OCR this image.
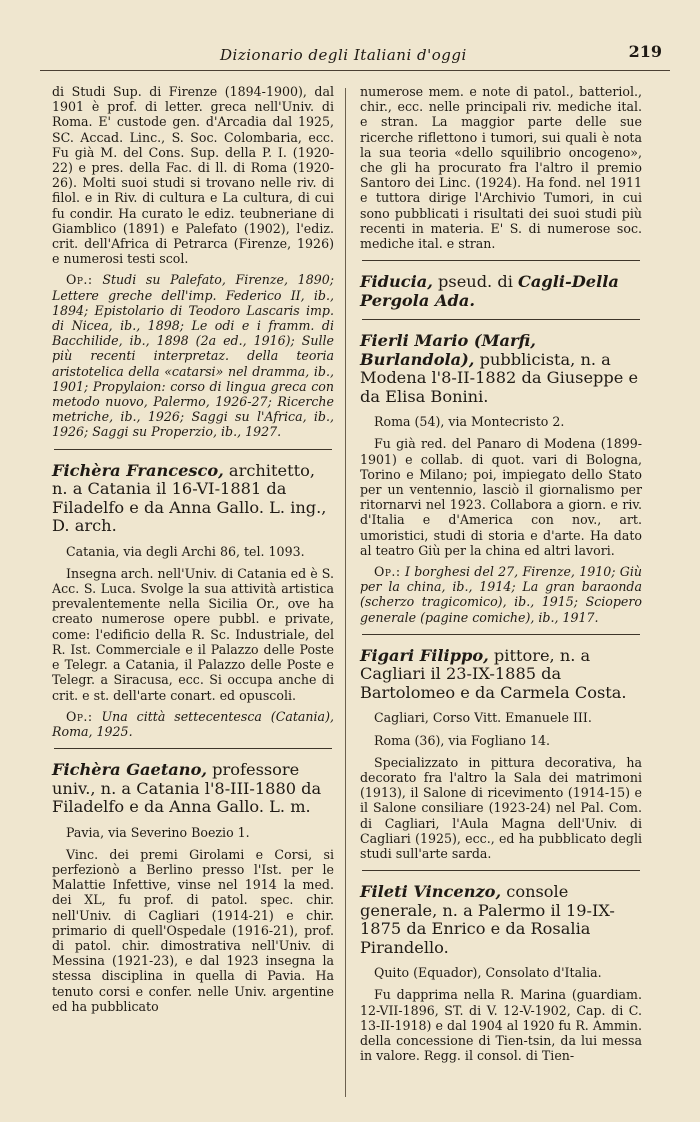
Dizionario degli Italiani d'oggi	219

di Studi Sup. di Firenze (1894-1900), dal 1901 è prof. di letter. greca nell'Univ. di Roma. E' custode gen. d'Arcadia dal 1925, SC. Accad. Linc., S. Soc. Colombaria, ecc. Fu già M. del Cons. Sup. della P. I. (1920-22) e pres. della Fac. di ll. di Roma (1920-26). Molti suoi studi si trovano nelle riv. di filol. e in Riv. di cultura e La cultura, di cui fu condir. Ha curato le ediz. teubneriane di Giamblico (1891) e Palefato (1902), l'ediz. crit. dell'Africa di Petrarca (Firenze, 1926) e numerosi testi scol.

Op.: Studi su Palefato, Firenze, 1890; Lettere greche dell'imp. Federico II, ib., 1894; Epistolario di Teodoro Lascaris imp. di Nicea, ib., 1898; Le odi e i framm. di Bacchilide, ib., 1898 (2a ed., 1916); Sulle più recenti interpretaz. della teoria aristotelica della «catarsi» nel dramma, ib., 1901; Propylaion: corso di lingua greca con metodo nuovo, Palermo, 1926-27; Ricerche metriche, ib., 1926; Saggi su l'Africa, ib., 1926; Saggi su Properzio, ib., 1927.

Fichèra Francesco, architetto, n. a Catania il 16-VI-1881 da Filadelfo e da Anna Gallo. L. ing., D. arch.

Catania, via degli Archi 86, tel. 1093.

Insegna arch. nell'Univ. di Catania ed è S. Acc. S. Luca. Svolge la sua attività artistica prevalentemente nella Sicilia Or., ove ha creato numerose opere pubbl. e private, come: l'edificio della R. Sc. Industriale, del R. Ist. Commerciale e il Palazzo delle Poste e Telegr. a Catania, il Palazzo delle Poste e Telegr. a Siracusa, ecc. Si occupa anche di crit. e st. dell'arte conart. ed opuscoli.

Op.: Una città settecentesca (Catania), Roma, 1925.

Fichèra Gaetano, professore univ., n. a Catania l'8-III-1880 da Filadelfo e da Anna Gallo. L. m.

Pavia, via Severino Boezio 1.

Vinc. dei premi Girolami e Corsi, si perfezionò a Berlino presso l'Ist. per le Malattie Infettive, vinse nel 1914 la med. dei XL, fu prof. di patol. spec. chir. nell'Univ. di Cagliari (1914-21) e chir. primario di quell'Ospedale (1916-21), prof. di patol. chir. dimostrativa nell'Univ. di Messina (1921-23), e dal 1923 insegna la stessa disciplina in quella di Pavia. Ha tenuto corsi e confer. nelle Univ. argentine ed ha pubblicato

numerose mem. e note di patol., batteriol., chir., ecc. nelle principali riv. mediche ital. e stran. La maggior parte delle sue ricerche riflettono i tumori, sui quali è nota la sua teoria «dello squilibrio oncogeno», che gli ha procurato fra l'altro il premio Santoro dei Linc. (1924). Ha fond. nel 1911 e tuttora dirige l'Archivio Tumori, in cui sono pubblicati i risultati dei suoi studi più recenti in materia. E' S. di numerose soc. mediche ital. e stran.

Fiducia, pseud. di Cagli-Della Pergola Ada.
Fierli Mario (Marfi, Burlandola), pubblicista, n. a Modena l'8-II-1882 da Giuseppe e da Elisa Bonini.

Roma (54), via Montecristo 2.

Fu già red. del Panaro di Modena (1899-1901) e collab. di quot. vari di Bologna, Torino e Milano; poi, impiegato dello Stato per un ventennio, lasciò il giornalismo per ritornarvi nel 1923. Collabora a giorn. e riv. d'Italia e d'America con nov., art. umoristici, studi di storia e d'arte. Ha dato al teatro Giù per la china ed altri lavori.

Op.: I borghesi del 27, Firenze, 1910; Giù per la china, ib., 1914; La gran baraonda (scherzo tragicomico), ib., 1915; Sciopero generale (pagine comiche), ib., 1917.

Figari Filippo, pittore, n. a Cagliari il 23-IX-1885 da Bartolomeo e da Carmela Costa.

Cagliari, Corso Vitt. Emanuele III.

Roma (36), via Fogliano 14.

Specializzato in pittura decorativa, ha decorato fra l'altro la Sala dei matrimoni (1913), il Salone di ricevimento (1914-15) e il Salone consiliare (1923-24) nel Pal. Com. di Cagliari, l'Aula Magna dell'Univ. di Cagliari (1925), ecc., ed ha pubblicato degli studi sull'arte sarda.

Fileti Vincenzo, console generale, n. a Palermo il 19-IX-1875 da Enrico e da Rosalia Pirandello.

Quito (Equador), Consolato d'Italia.

Fu dapprima nella R. Marina (guardiam. 12-VII-1896, ST. di V. 12-V-1902, Cap. di C. 13-II-1918) e dal 1904 al 1920 fu R. Ammin. della concessione di Tien-tsin, da lui messa in valore. Regg. il consol. di Tien-
